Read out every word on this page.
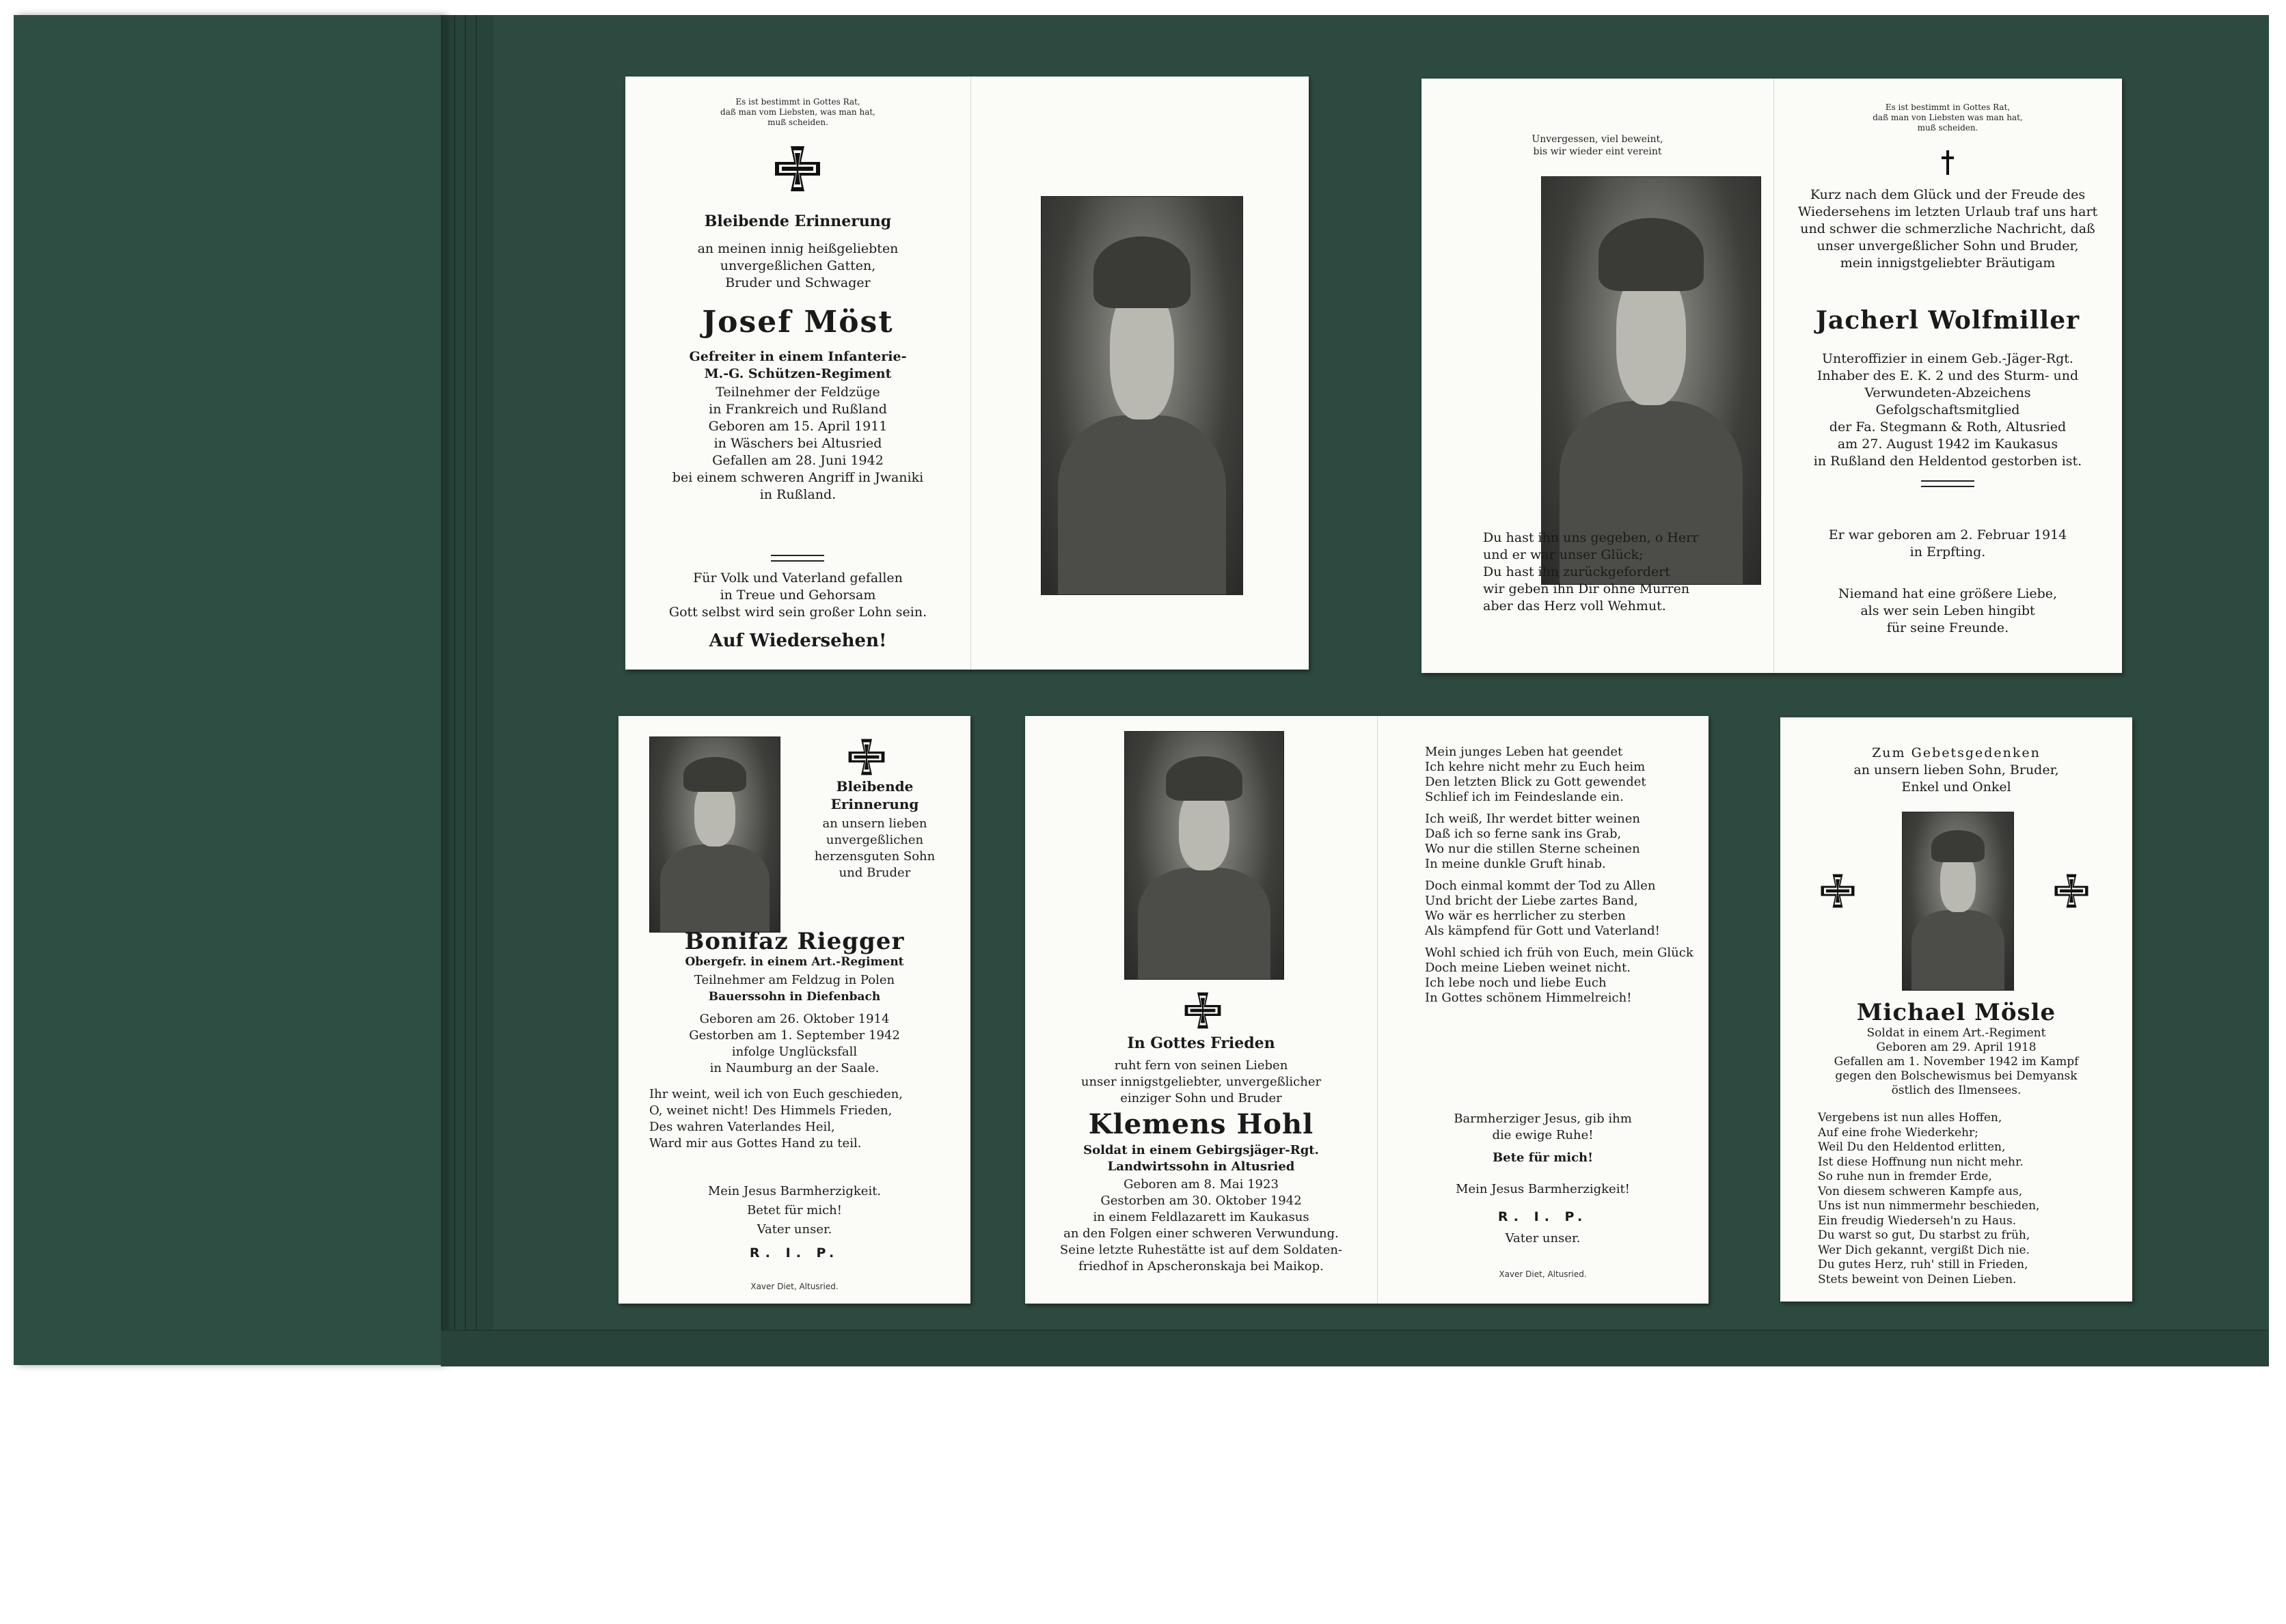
Es ist bestimmt in Gottes Rat,
daß man vom Liebsten, was man hat,
muß scheiden.
Bleibende Erinnerung
an meinen innig heißgeliebten
unvergeßlichen Gatten,
Bruder und Schwager
Josef Möst
Gefreiter in einem Infanterie-
M.-G. Schützen-Regiment
Teilnehmer der Feldzüge
in Frankreich und Rußland
Geboren am 15. April 1911
in Wäschers bei Altusried
Gefallen am 28. Juni 1942
bei einem schweren Angriff in Jwaniki
in Rußland.
Für Volk und Vaterland gefallen
in Treue und Gehorsam
Gott selbst wird sein großer Lohn sein.
Auf Wiedersehen!
Unvergessen, viel beweint,
bis wir wieder eint vereint
Du hast ihn uns gegeben, o Herr
und er war unser Glück;
Du hast ihn zurückgefordert
wir geben ihn Dir ohne Murren
aber das Herz voll Wehmut.
Es ist bestimmt in Gottes Rat,
daß man von Liebsten was man hat,
muß scheiden.
Kurz nach dem Glück und der Freude des
Wiedersehens im letzten Urlaub traf uns hart
und schwer die schmerzliche Nachricht, daß
unser unvergeßlicher Sohn und Bruder,
mein innigstgeliebter Bräutigam
Jacherl Wolfmiller
Unteroffizier in einem Geb.-Jäger-Rgt.
Inhaber des E. K. 2 und des Sturm- und
Verwundeten-Abzeichens
Gefolgschaftsmitglied
der Fa. Stegmann & Roth, Altusried
am 27. August 1942 im Kaukasus
in Rußland den Heldentod gestorben ist.
Er war geboren am 2. Februar 1914
in Erpfting.
Niemand hat eine größere Liebe,
als wer sein Leben hingibt
für seine Freunde.
Bleibende
Erinnerung
an unsern lieben
unvergeßlichen
herzensguten Sohn
und Bruder
Bonifaz Riegger
Obergefr. in einem Art.-Regiment
Teilnehmer am Feldzug in Polen
Bauerssohn in Diefenbach
Geboren am 26. Oktober 1914
Gestorben am 1. September 1942
infolge Unglücksfall
in Naumburg an der Saale.
Ihr weint, weil ich von Euch geschieden,
O, weinet nicht! Des Himmels Frieden,
Des wahren Vaterlandes Heil,
Ward mir aus Gottes Hand zu teil.
Mein Jesus Barmherzigkeit.
Betet für mich!
Vater unser.
R. I. P.
Xaver Diet, Altusried.
In Gottes Frieden
ruht fern von seinen Lieben
unser innigstgeliebter, unvergeßlicher
einziger Sohn und Bruder
Klemens Hohl
Soldat in einem Gebirgsjäger-Rgt.
Landwirtssohn in Altusried
Geboren am 8. Mai 1923
Gestorben am 30. Oktober 1942
in einem Feldlazarett im Kaukasus
an den Folgen einer schweren Verwundung.
Seine letzte Ruhestätte ist auf dem Soldaten-
friedhof in Apscheronskaja bei Maikop.
Mein junges Leben hat geendet
Ich kehre nicht mehr zu Euch heim
Den letzten Blick zu Gott gewendet
Schlief ich im Feindeslande ein.
Ich weiß, Ihr werdet bitter weinen
Daß ich so ferne sank ins Grab,
Wo nur die stillen Sterne scheinen
In meine dunkle Gruft hinab.
Doch einmal kommt der Tod zu Allen
Und bricht der Liebe zartes Band,
Wo wär es herrlicher zu sterben
Als kämpfend für Gott und Vaterland!
Wohl schied ich früh von Euch, mein Glück
Doch meine Lieben weinet nicht.
Ich lebe noch und liebe Euch
In Gottes schönem Himmelreich!
Barmherziger Jesus, gib ihm
die ewige Ruhe!
Bete für mich!
Mein Jesus Barmherzigkeit!
R. I. P.
Vater unser.
Xaver Diet, Altusried.
Zum Gebetsgedenken
an unsern lieben Sohn, Bruder,
Enkel und Onkel
Michael Mösle
Soldat in einem Art.-Regiment
Geboren am 29. April 1918
Gefallen am 1. November 1942 im Kampf
gegen den Bolschewismus bei Demyansk
östlich des Ilmensees.
Vergebens ist nun alles Hoffen,
Auf eine frohe Wiederkehr;
Weil Du den Heldentod erlitten,
Ist diese Hoffnung nun nicht mehr.
So ruhe nun in fremder Erde,
Von diesem schweren Kampfe aus,
Uns ist nun nimmermehr beschieden,
Ein freudig Wiederseh'n zu Haus.
Du warst so gut, Du starbst zu früh,
Wer Dich gekannt, vergißt Dich nie.
Du gutes Herz, ruh' still in Frieden,
Stets beweint von Deinen Lieben.
